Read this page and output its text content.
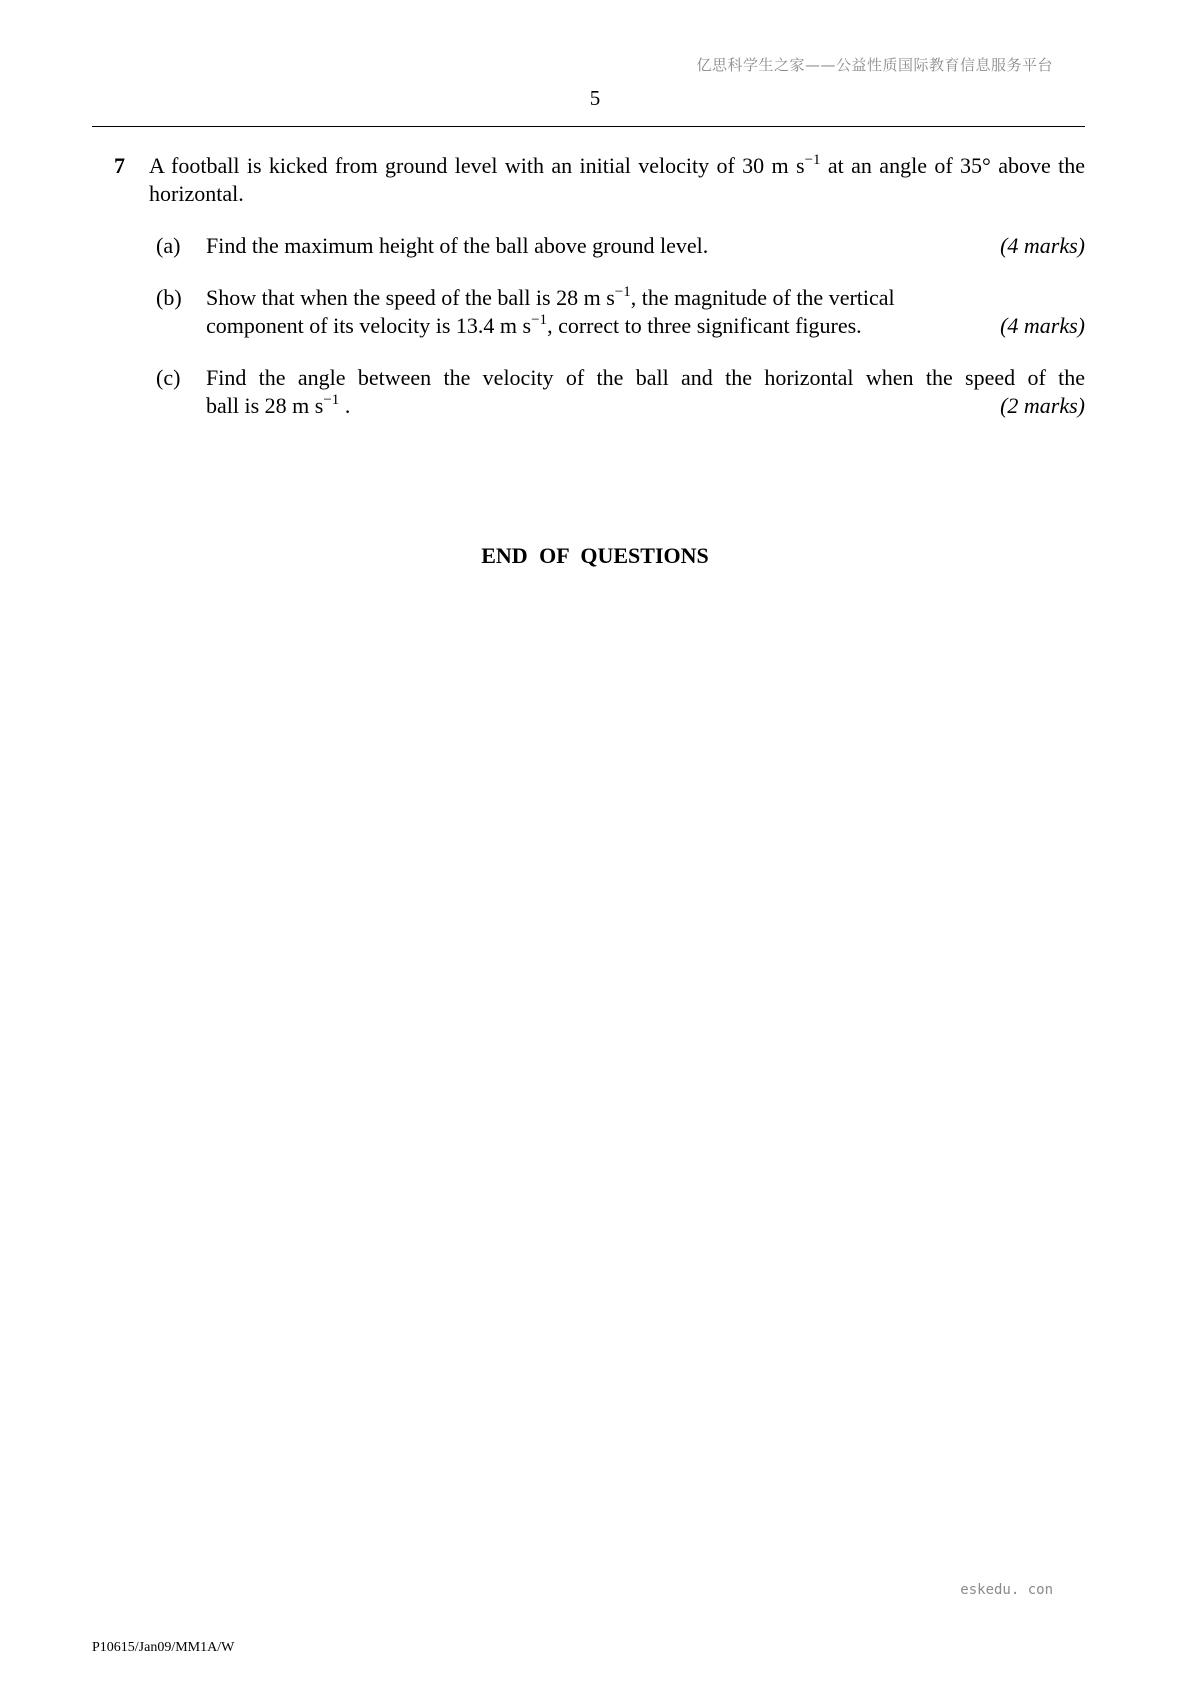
亿思科学生之家——公益性质国际教育信息服务平台
5
7 A football is kicked from ground level with an initial velocity of 30 m $s^{-1}$ at an angle of 35° above the horizontal.
(a) Find the maximum height of the ball above ground level.	(4 marks)
(b) Show that when the speed of the ball is 28 m $s^{-1}$, the magnitude of the vertical
component of its velocity is 13.4 m $s^{-1}$, correct to three significant figures.	(4 marks)
(c) Find the angle between the velocity of the ball and the horizontal when the speed of the
ball is 28 m $s^{-1}$ .	(2 marks)
END OF QUESTIONS
eskedu. con
P10615/Jan09/MM1A/W
